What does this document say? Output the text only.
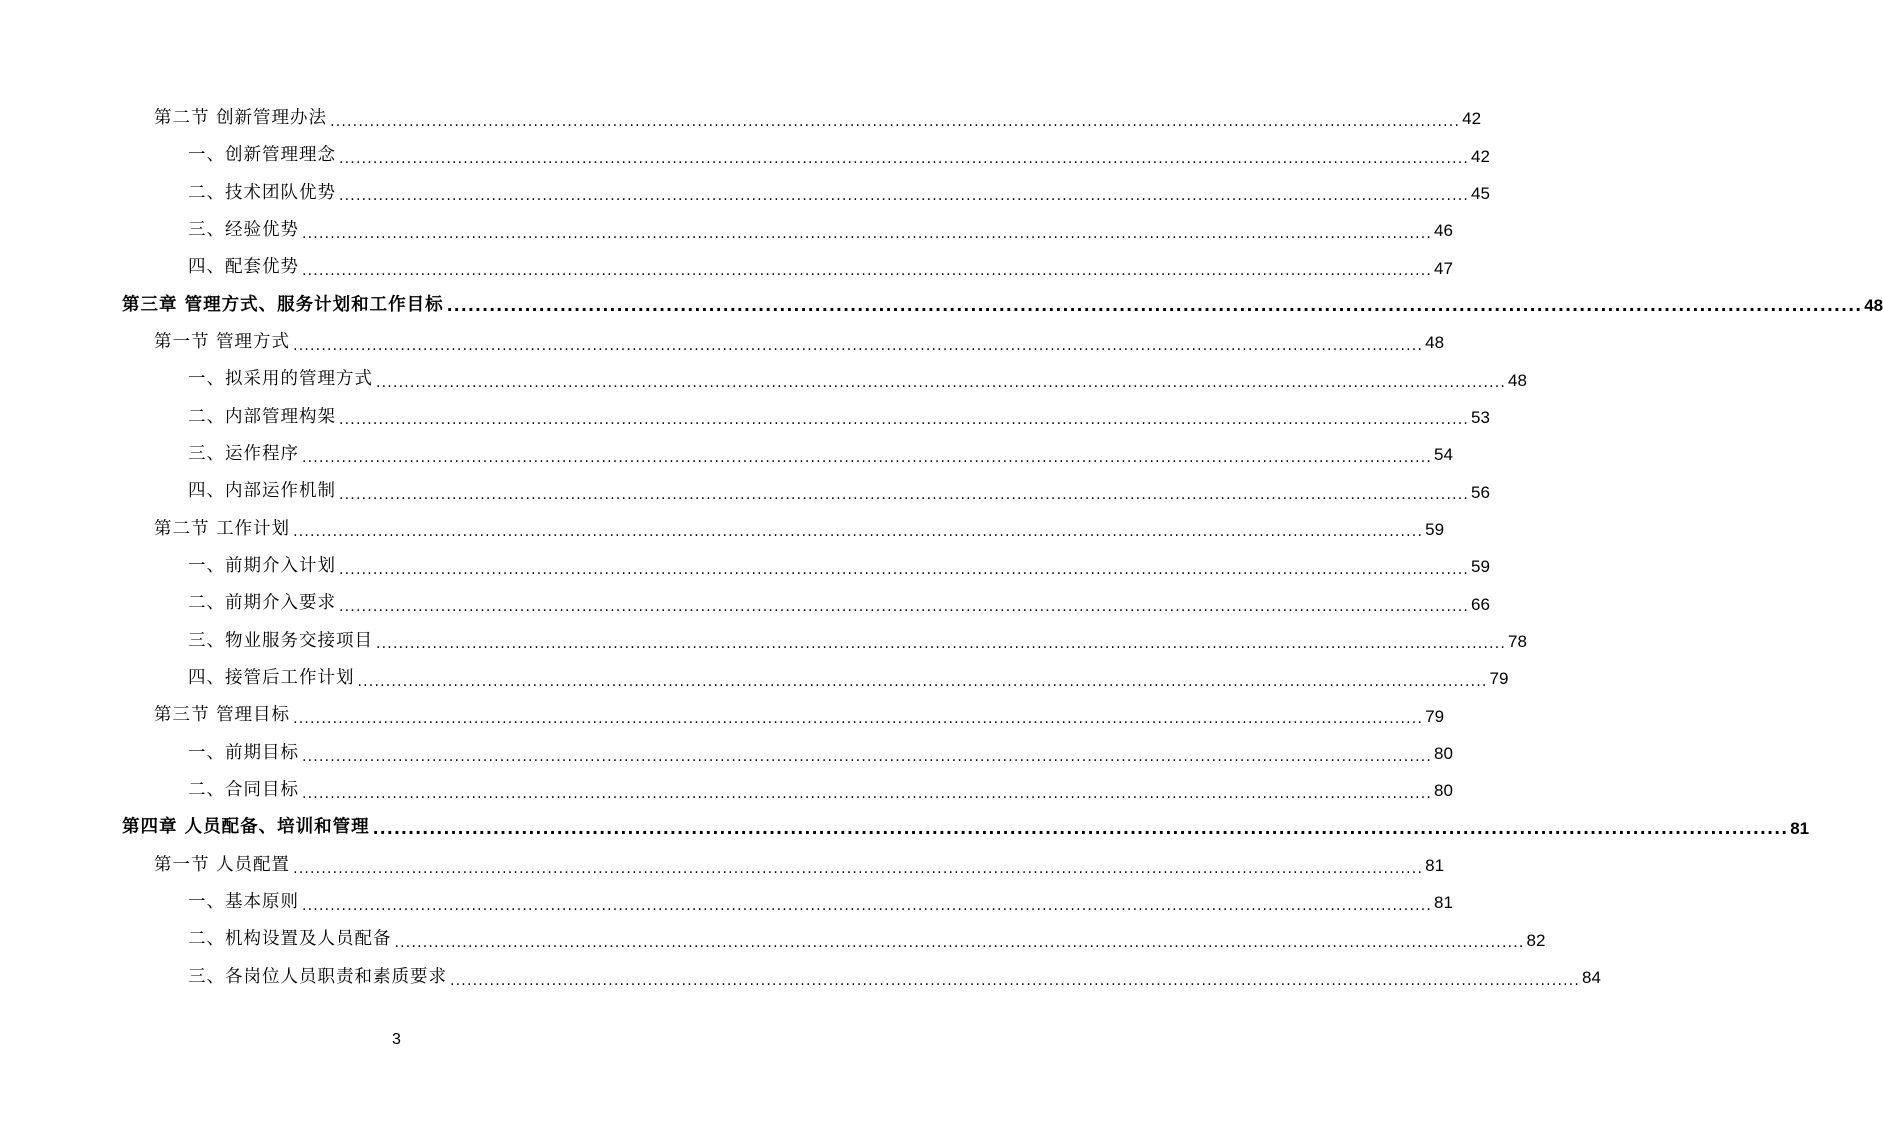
第二节 创新管理办法 ........................................................................................................................................................................................................ 42
一、创新管理理念 ........................................................................................................................................................................................................ 42
二、技术团队优势 ........................................................................................................................................................................................................ 45
三、经验优势 ........................................................................................................................................................................................................ 46
四、配套优势 ........................................................................................................................................................................................................ 47
第三章 管理方式、服务计划和工作目标 ........................................................................................................................................................................................................ 48
第一节 管理方式 ........................................................................................................................................................................................................ 48
一、拟采用的管理方式 ........................................................................................................................................................................................................ 48
二、内部管理构架 ........................................................................................................................................................................................................ 53
三、运作程序 ........................................................................................................................................................................................................ 54
四、内部运作机制 ........................................................................................................................................................................................................ 56
第二节 工作计划 ........................................................................................................................................................................................................ 59
一、前期介入计划 ........................................................................................................................................................................................................ 59
二、前期介入要求 ........................................................................................................................................................................................................ 66
三、物业服务交接项目 ........................................................................................................................................................................................................ 78
四、接管后工作计划 ........................................................................................................................................................................................................ 79
第三节 管理目标 ........................................................................................................................................................................................................ 79
一、前期目标 ........................................................................................................................................................................................................ 80
二、合同目标 ........................................................................................................................................................................................................ 80
第四章 人员配备、培训和管理 ........................................................................................................................................................................................................ 81
第一节 人员配置 ........................................................................................................................................................................................................ 81
一、基本原则 ........................................................................................................................................................................................................ 81
二、机构设置及人员配备 ........................................................................................................................................................................................................ 82
三、各岗位人员职责和素质要求 ........................................................................................................................................................................................................ 84
3
